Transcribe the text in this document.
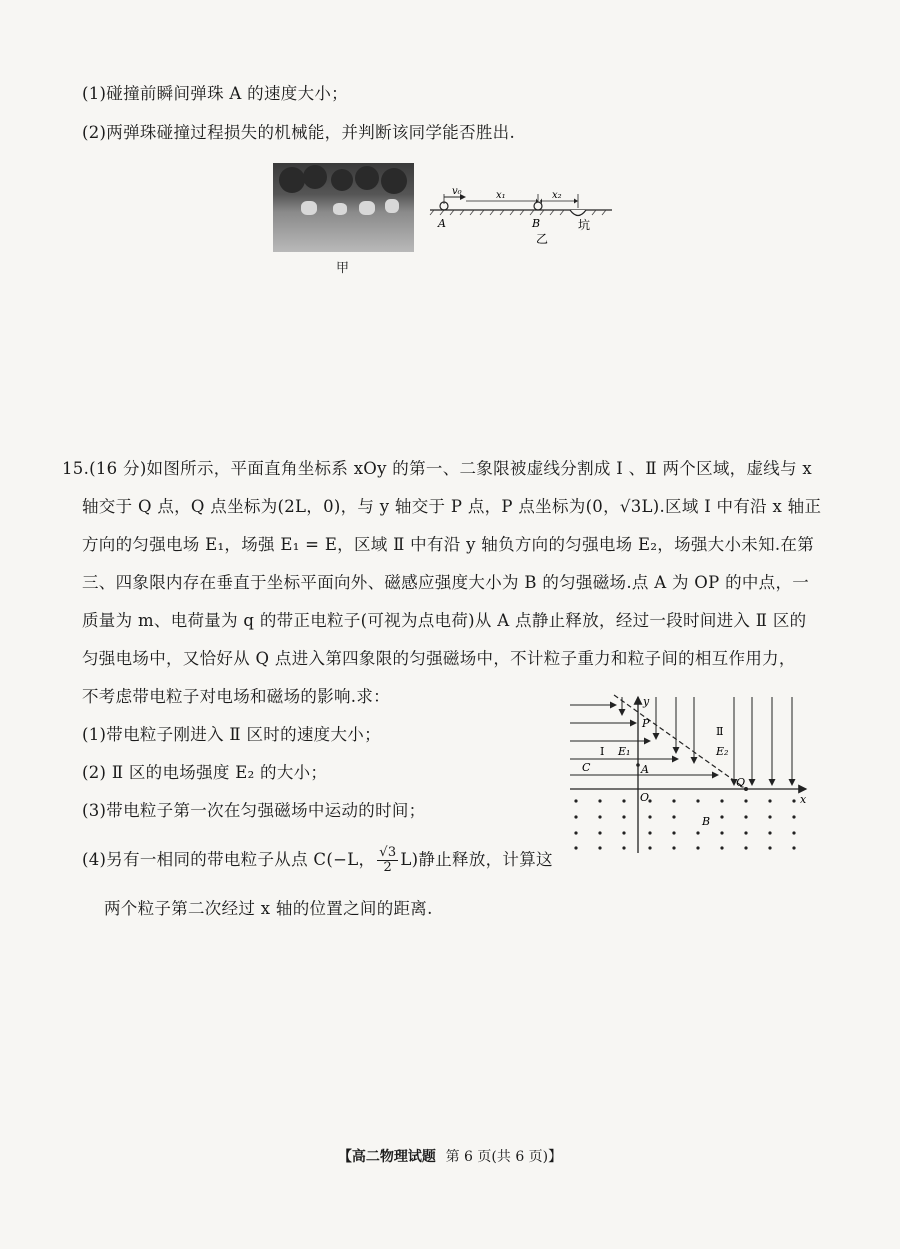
(1)碰撞前瞬间弹珠 A 的速度大小；
(2)两弹珠碰撞过程损失的机械能，并判断该同学能否胜出.
甲
v₀	x₁	x₂
A	B	坑
乙
15.(16 分)如图所示，平面直角坐标系 xOy 的第一、二象限被虚线分割成 Ⅰ 、Ⅱ 两个区域，虚线与 x
轴交于 Q 点，Q 点坐标为(2L，0)，与 y 轴交于 P 点，P 点坐标为(0，√3L).区域 Ⅰ 中有沿 x 轴正
方向的匀强电场 E₁，场强 E₁ = E，区域 Ⅱ 中有沿 y 轴负方向的匀强电场 E₂，场强大小未知.在第
三、四象限内存在垂直于坐标平面向外、磁感应强度大小为 B 的匀强磁场.点 A 为 OP 的中点，一
质量为 m、电荷量为 q 的带正电粒子(可视为点电荷)从 A 点静止释放，经过一段时间进入 Ⅱ 区的
匀强电场中，又恰好从 Q 点进入第四象限的匀强磁场中，不计粒子重力和粒子间的相互作用力，
不考虑带电粒子对电场和磁场的影响.求：
(1)带电粒子刚进入 Ⅱ 区时的速度大小；
(2) Ⅱ 区的电场强度 E₂ 的大小；
(3)带电粒子第一次在匀强磁场中运动的时间；
(4)另有一相同的带电粒子从点 C(−L， $\frac{√3}{2} L$)静止释放，计算这
两个粒子第二次经过 x 轴的位置之间的距离.
y
x
P
O
Q
A
C
B
Ⅰ E₁
Ⅱ
E₂
【高二物理试题 第 6 页(共 6 页)】
